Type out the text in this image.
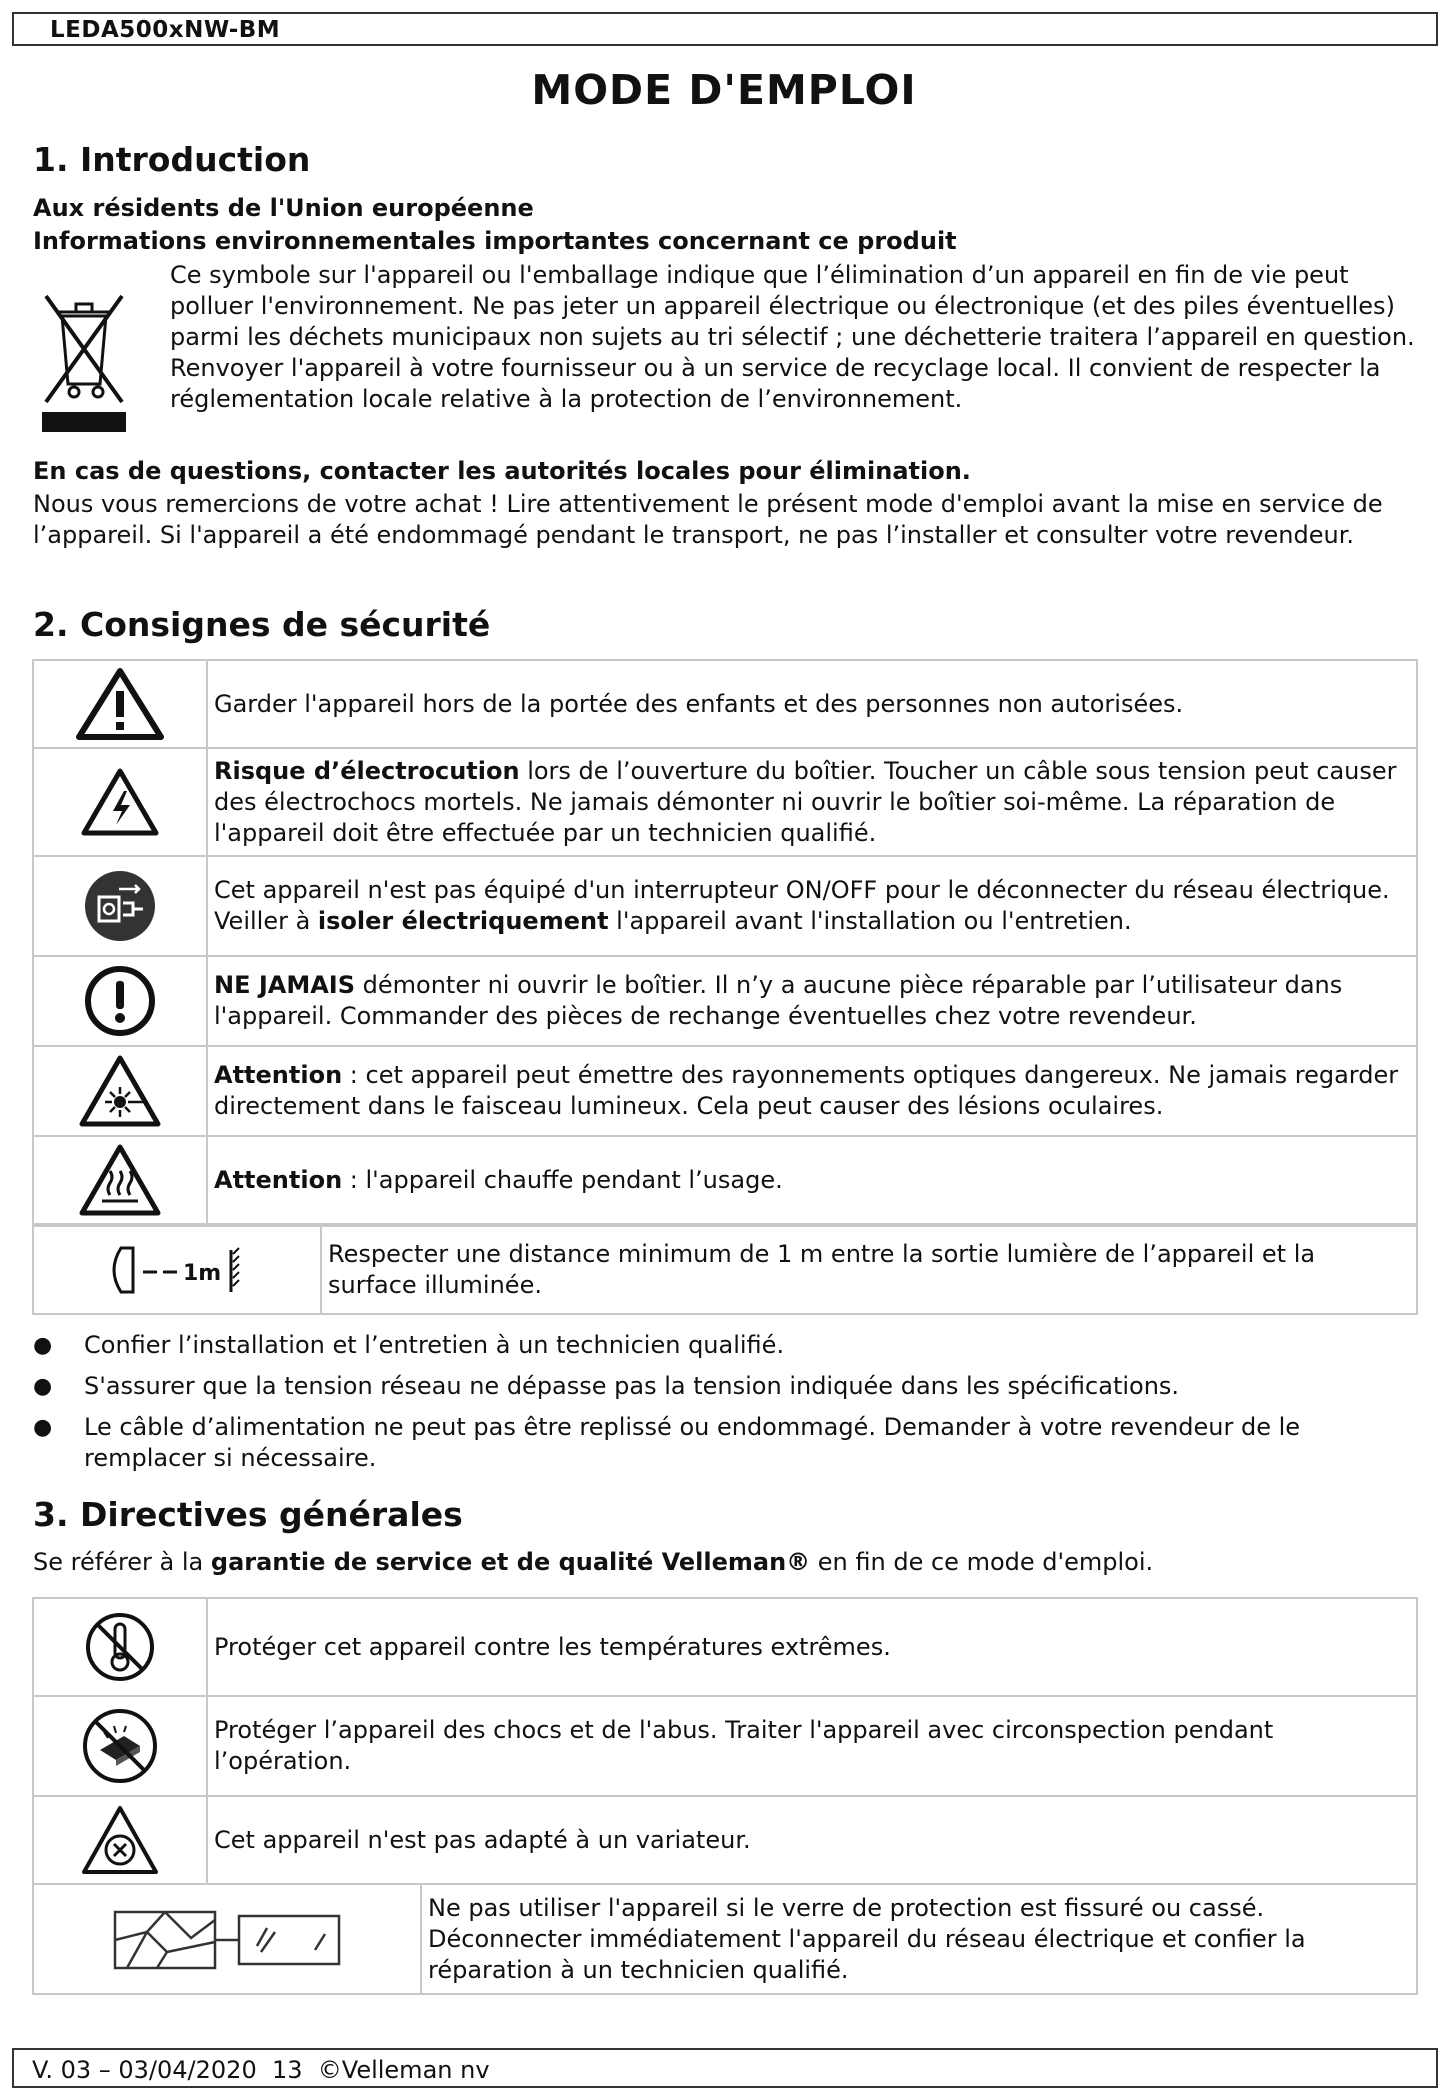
LEDA500xNW-BM
MODE D'EMPLOI
1. Introduction

Aux résidents de l'Union européenne

Informations environnementales importantes concernant ce produit

Ce symbole sur l'appareil ou l'emballage indique que l’élimination d’un appareil en fin de vie peut polluer l'environnement. Ne pas jeter un appareil électrique ou électronique (et des piles éventuelles) parmi les déchets municipaux non sujets au tri sélectif ; une déchetterie traitera l’appareil en question. Renvoyer l'appareil à votre fournisseur ou à un service de recyclage local. Il convient de respecter la réglementation locale relative à la protection de l’environnement.

En cas de questions, contacter les autorités locales pour élimination.

Nous vous remercions de votre achat ! Lire attentivement le présent mode d'emploi avant la mise en service de l’appareil. Si l'appareil a été endommagé pendant le transport, ne pas l’installer et consulter votre revendeur.

2. Consignes de sécurité
	Garder l'appareil hors de la portée des enfants et des personnes non autorisées.

	Risque d’électrocution lors de l’ouverture du boîtier. Toucher un câble sous tension peut causer des électrochocs mortels. Ne jamais démonter ni ouvrir le boîtier soi-même. La réparation de l'appareil doit être effectuée par un technicien qualifié.

	Cet appareil n'est pas équipé d'un interrupteur ON/OFF pour le déconnecter du réseau électrique. Veiller à isoler électriquement l'appareil avant l'installation ou l'entretien.

	NE JAMAIS démonter ni ouvrir le boîtier. Il n’y a aucune pièce réparable par l’utilisateur dans l'appareil. Commander des pièces de rechange éventuelles chez votre revendeur.

	Attention : cet appareil peut émettre des rayonnements optiques dangereux. Ne jamais regarder directement dans le faisceau lumineux. Cela peut causer des lésions oculaires.

	Attention : l'appareil chauffe pendant l’usage.
1m
	Respecter une distance minimum de 1 m entre la sortie lumière de l’appareil et la surface illuminée.
● Confier l’installation et l’entretien à un technicien qualifié.
● S'assurer que la tension réseau ne dépasse pas la tension indiquée dans les spécifications.
● Le câble d’alimentation ne peut pas être replissé ou endommagé. Demander à votre revendeur de le remplacer si nécessaire.
3. Directives générales

Se référer à la garantie de service et de qualité Velleman® en fin de ce mode d'emploi.

	Protéger cet appareil contre les températures extrêmes.

	Protéger l’appareil des chocs et de l'abus. Traiter l'appareil avec circonspection pendant l’opération.

	Cet appareil n'est pas adapté à un variateur.
	Ne pas utiliser l'appareil si le verre de protection est fissuré ou cassé. Déconnecter immédiatement l'appareil du réseau électrique et confier la réparation à un technicien qualifié.
V. 03 – 03/04/2020  13  ©Velleman nv
